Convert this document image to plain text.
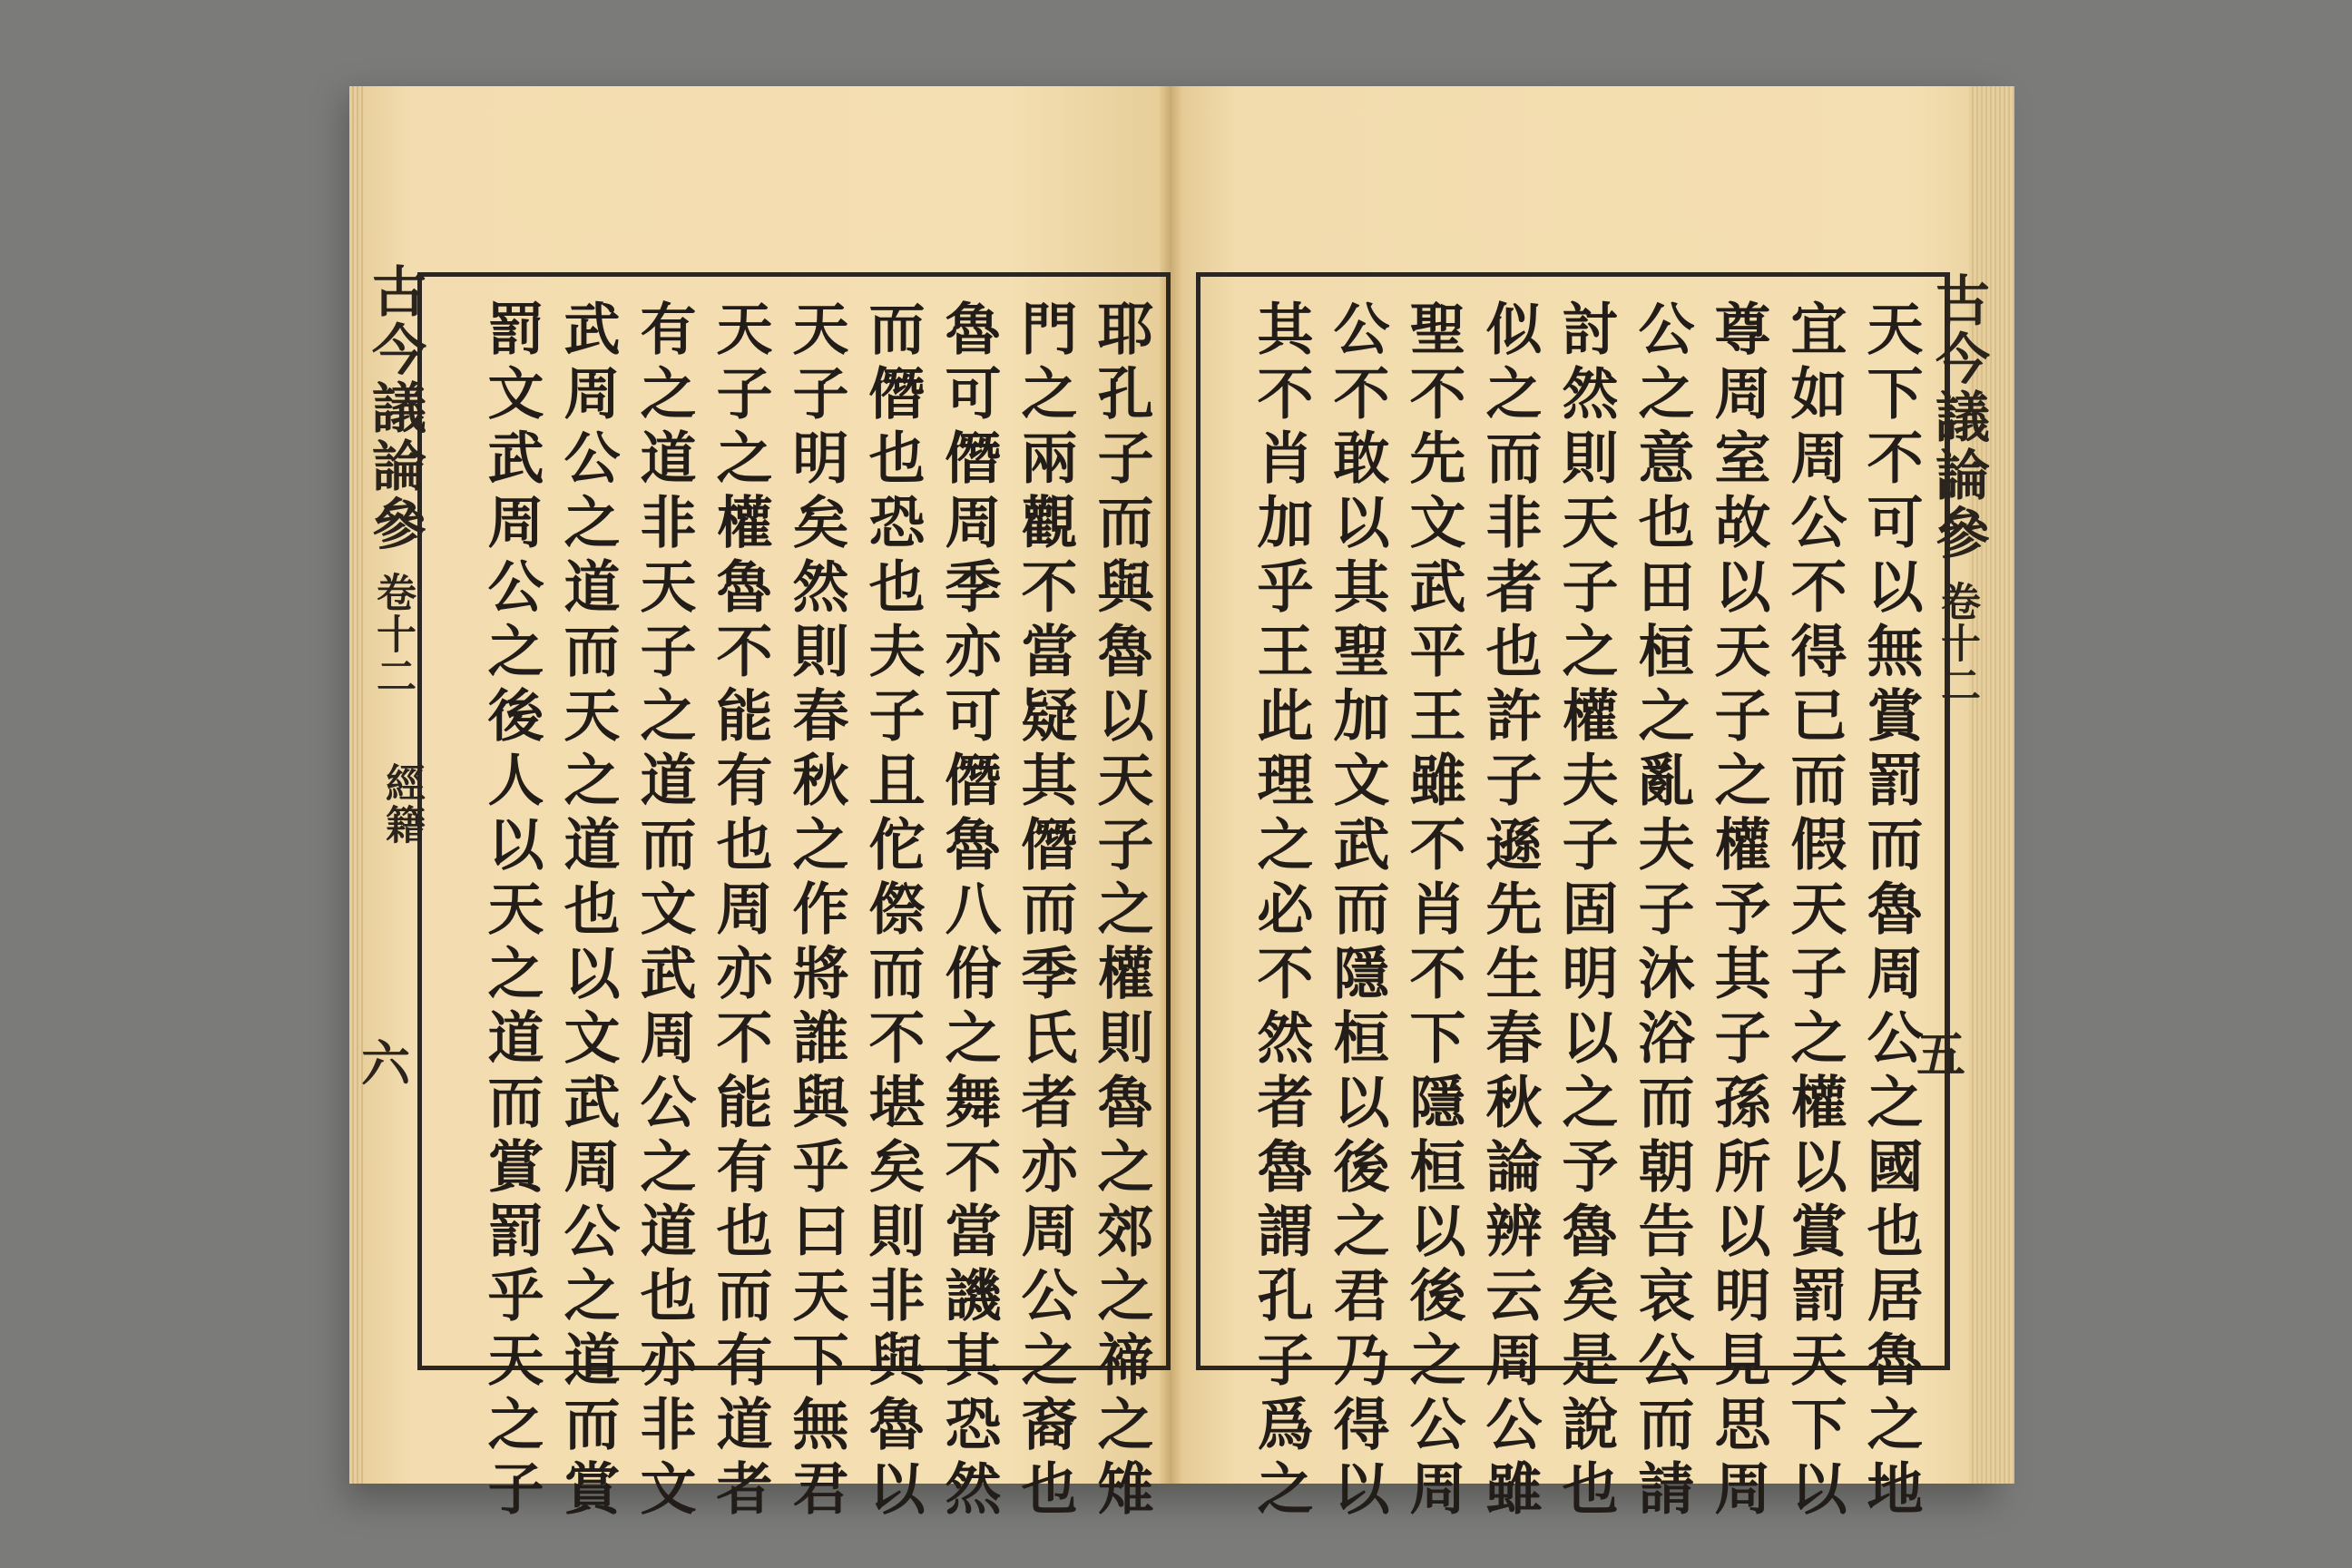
古今議論參
卷十二
五
古今議論參
卷十二
經籍
六	天下不可以無賞罰而魯周公之國也居魯之地
宜如周公不得已而假天子之權以賞罰天下以
尊周室故以天子之權予其子孫所以明見思周
公之意也田桓之亂夫子沐浴而朝告哀公而請
討然則天子之權夫子固明以之予魯矣是說也
似之而非者也許子遜先生春秋論辨云周公雖
聖不先文武平王雖不肖不下隱桓以後之公周
公不敢以其聖加文武而隱桓以後之君乃得以
其不肖加乎王此理之必不然者魯謂孔子爲之
耶孔子而與魯以天子之權則魯之郊之禘之雉
門之兩觀不當疑其僭而季氏者亦周公之裔也
魯可僭周季亦可僭魯八佾之舞不當譏其恐然
而僭也恐也夫子且佗傺而不堪矣則非與魯以
天子明矣然則春秋之作將誰與乎曰天下無君
天子之權魯不能有也周亦不能有也而有道者
有之道非天子之道而文武周公之道也亦非文
武周公之道而天之道也以文武周公之道而賞
罰文武周公之後人以天之道而賞罰乎天之子
